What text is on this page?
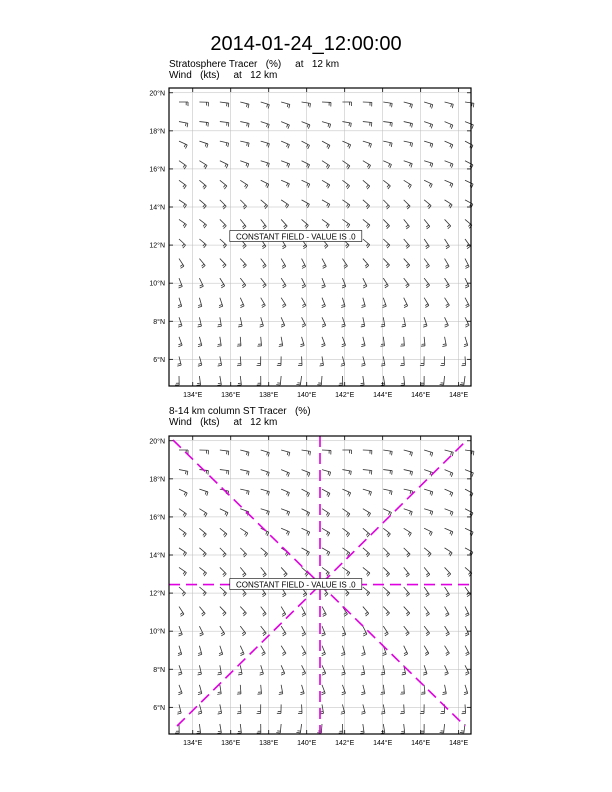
2014-01-24_12:00:00
Stratosphere Tracer   (%)     at   12 km
Wind   (kts)     at   12 km
8-14 km column ST Tracer   (%)
Wind   (kts)     at   12 km
CONSTANT FIELD - VALUE IS .0
134°E	136°E	138°E	140°E	142°E	144°E	146°E	148°E
6°N
8°N
10°N
12°N
14°N
16°N
18°N
20°N
CONSTANT FIELD - VALUE IS .0
134°E	136°E	138°E	140°E	142°E	144°E	146°E	148°E
6°N
8°N
10°N
12°N
14°N
16°N
18°N
20°N
